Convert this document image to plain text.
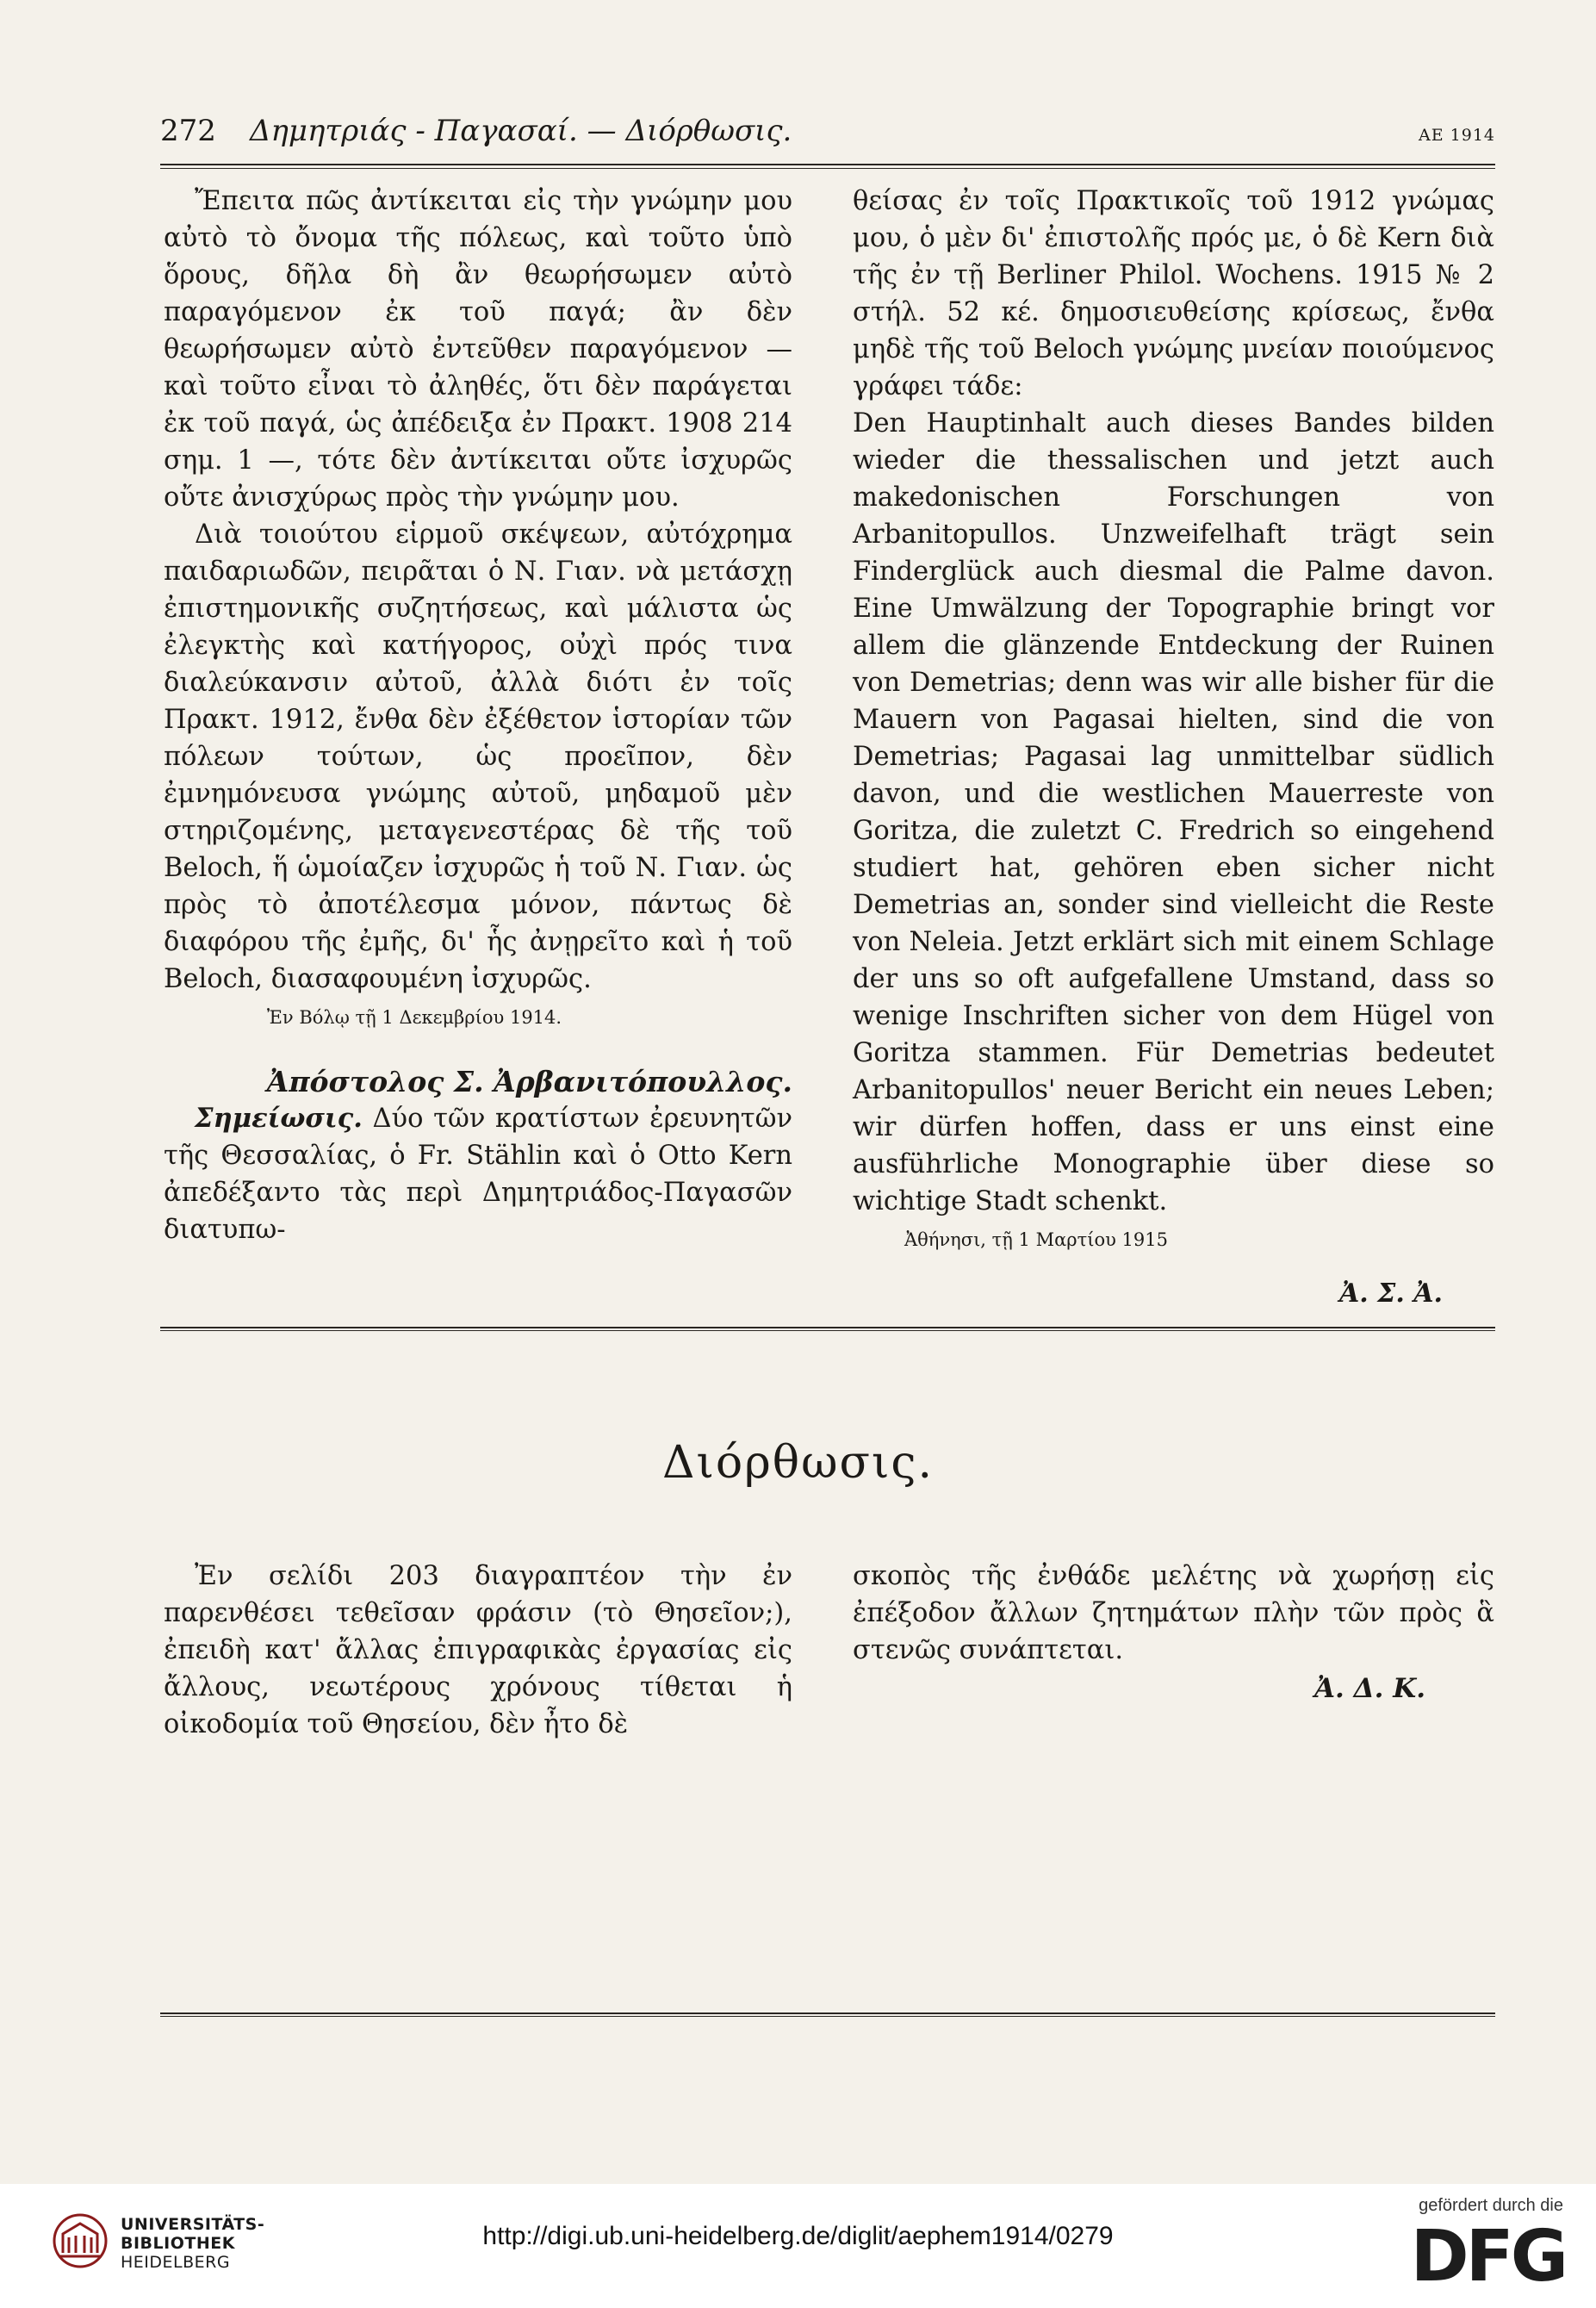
272 Δημητριάς - Παγασαί. — Διόρθωσις.	ΑΕ 1914

Ἔπειτα πῶς ἀντίκειται εἰς τὴν γνώμην μου αὐτὸ τὸ ὄνομα τῆς πόλεως, καὶ τοῦτο ὑπὸ ὅρους, δῆλα δὴ ἂν θεωρήσωμεν αὐτὸ παραγόμενον ἐκ τοῦ παγά; ἂν δὲν θεωρήσωμεν αὐτὸ ἐντεῦθεν παραγόμενον — καὶ τοῦτο εἶναι τὸ ἀληθές, ὅτι δὲν παράγεται ἐκ τοῦ παγά, ὡς ἀπέδειξα ἐν Πρακτ. 1908 214 σημ. 1 —, τότε δὲν ἀντίκειται οὔτε ἰσχυρῶς οὔτε ἀνισχύρως πρὸς τὴν γνώμην μου.

Διὰ τοιούτου εἱρμοῦ σκέψεων, αὐτόχρημα παιδαριωδῶν, πειρᾶται ὁ Ν. Γιαν. νὰ μετάσχῃ ἐπιστημονικῆς συζητήσεως, καὶ μάλιστα ὡς ἐλεγκτὴς καὶ κατήγορος, οὐχὶ πρός τινα διαλεύκανσιν αὐτοῦ, ἀλλὰ διότι ἐν τοῖς Πρακτ. 1912, ἔνθα δὲν ἐξέθετον ἱστορίαν τῶν πόλεων τούτων, ὡς προεῖπον, δὲν ἐμνημόνευσα γνώμης αὐτοῦ, μηδαμοῦ μὲν στηριζομένης, μεταγενεστέρας δὲ τῆς τοῦ Beloch, ἥ ὡμοίαζεν ἰσχυρῶς ἡ τοῦ Ν. Γιαν. ὡς πρὸς τὸ ἀποτέλεσμα μόνον, πάντως δὲ διαφόρου τῆς ἐμῆς, δι' ἧς ἀνῃρεῖτο καὶ ἡ τοῦ Beloch, διασαφουμένη ἰσχυρῶς.

Ἐν Βόλῳ τῇ 1 Δεκεμβρίου 1914.
Ἀπόστολος Σ. Ἀρβανιτόπουλλος.

Σημείωσις. Δύο τῶν κρατίστων ἐρευνητῶν τῆς Θεσσαλίας, ὁ Fr. Stählin καὶ ὁ Otto Kern ἀπεδέξαντο τὰς περὶ Δημητριάδος-Παγασῶν διατυπω-

θείσας ἐν τοῖς Πρακτικοῖς τοῦ 1912 γνώμας μου, ὁ μὲν δι' ἐπιστολῆς πρός με, ὁ δὲ Kern διὰ τῆς ἐν τῇ Berliner Philol. Wochens. 1915 № 2 στήλ. 52 κέ. δημοσιευθείσης κρίσεως, ἔνθα μηδὲ τῆς τοῦ Beloch γνώμης μνείαν ποιούμενος γράφει τάδε:

Den Hauptinhalt auch dieses Bandes bilden wieder die thessalischen und jetzt auch makedonischen Forschungen von Arbanitopullos. Unzweifelhaft trägt sein Finderglück auch diesmal die Palme davon. Eine Umwälzung der Topographie bringt vor allem die glänzende Entdeckung der Ruinen von Demetrias; denn was wir alle bisher für die Mauern von Pagasai hielten, sind die von Demetrias; Pagasai lag unmittelbar südlich davon, und die westlichen Mauerreste von Goritza, die zuletzt C. Fredrich so eingehend studiert hat, gehören eben sicher nicht Demetrias an, sonder sind vielleicht die Reste von Neleia. Jetzt erklärt sich mit einem Schlage der uns so oft aufgefallene Umstand, dass so wenige Inschriften sicher von dem Hügel von Goritza stammen. Für Demetrias bedeutet Arbanitopullos' neuer Bericht ein neues Leben; wir dürfen hoffen, dass er uns einst eine ausführliche Monographie über diese so wichtige Stadt schenkt.

Ἀθήνησι, τῇ 1 Μαρτίου 1915
Ἀ. Σ. Ἀ.
Διόρθωσις.

Ἐν σελίδι 203 διαγραπτέον τὴν ἐν παρενθέσει τεθεῖσαν φράσιν (τὸ Θησεῖον;), ἐπειδὴ κατ' ἄλλας ἐπιγραφικὰς ἐργασίας εἰς ἄλλους, νεωτέρους χρόνους τίθεται ἡ οἰκοδομία τοῦ Θησείου, δὲν ἦτο δὲ

σκοπὸς τῆς ἐνθάδε μελέτης νὰ χωρήσῃ εἰς ἐπέξοδον ἄλλων ζητημάτων πλὴν τῶν πρὸς ἃ στενῶς συνάπτεται.

Ἀ. Δ. Κ.
UNIVERSITÄTS-
BIBLIOTHEK
HEIDELBERG
http://digi.ub.uni-heidelberg.de/diglit/aephem1914/0279
gefördert durch die
DFG
